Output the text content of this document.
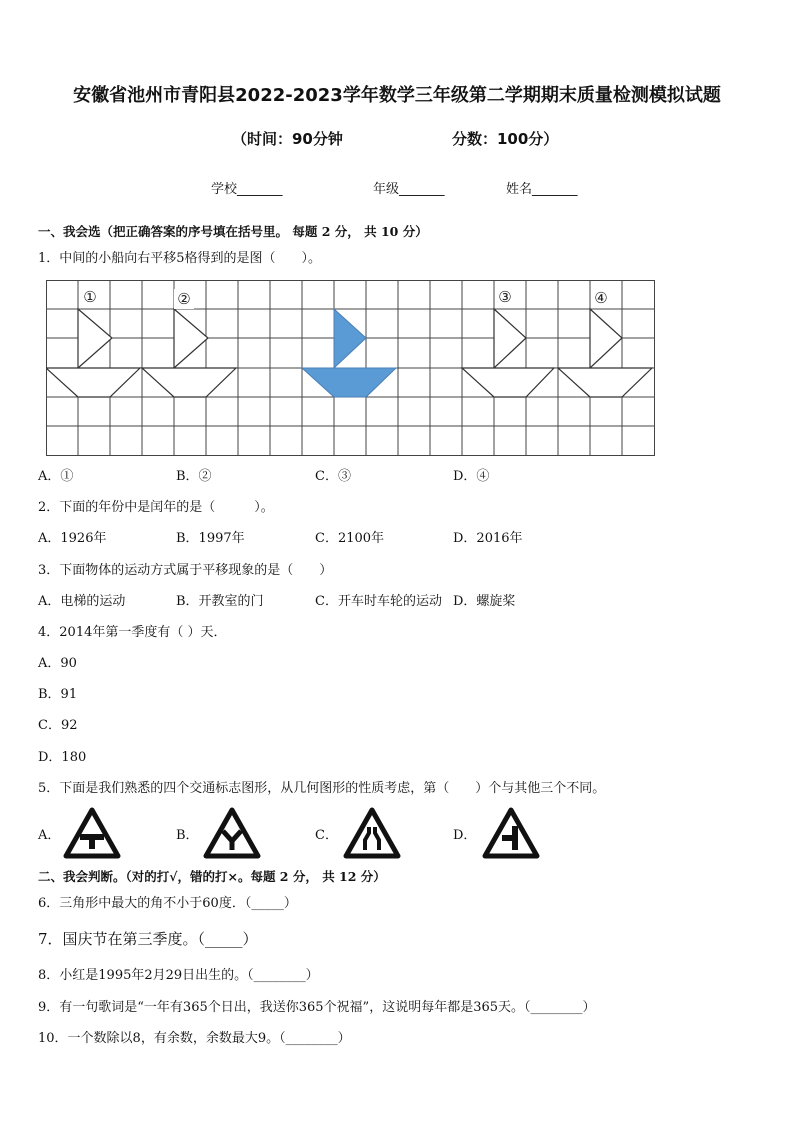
安徽省池州市青阳县2022-2023学年数学三年级第二学期期末质量检测模拟试题
（时间：90分钟	分数：100分）
学校_______	年级_______	姓名_______
一、我会选（把正确答案的序号填在括号里。 每题 2 分， 共 10 分）
1．中间的小船向右平移5格得到的是图（　　）。
①	②	③	④
A．①	B．②	C．③	D．④
2．下面的年份中是闰年的是（　　　）。
A．1926年	B．1997年	C．2100年	D．2016年
3．下面物体的运动方式属于平移现象的是（　　）
A．电梯的运动	B．开教室的门	C．开车时车轮的运动 D．螺旋桨
4．2014年第一季度有（ ）天．
A．90
B．91
C．92
D．180
5．下面是我们熟悉的四个交通标志图形，从几何图形的性质考虑，第（　　）个与其他三个不同。
A．	B．	C．	D．
二、我会判断。（对的打√，错的打×。每题 2 分， 共 12 分）
6．三角形中最大的角不小于60度．（_____）
7．国庆节在第三季度。（_____）
8．小红是1995年2月29日出生的。（________）
9．有一句歌词是“一年有365个日出，我送你365个祝福”，这说明每年都是365天。（________）
10．一个数除以8，有余数，余数最大9。（________）
